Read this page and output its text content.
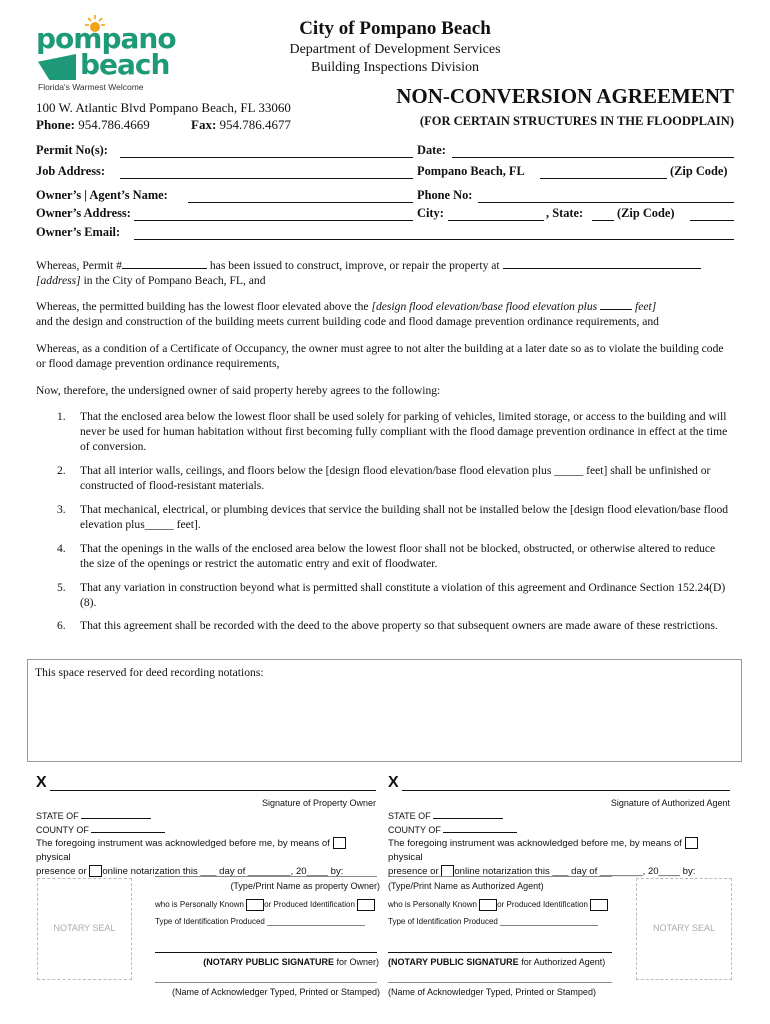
pompano
beach
Florida's Warmest Welcome
City of Pompano Beach
Department of Development Services
Building Inspections Division
100 W. Atlantic Blvd Pompano Beach, FL 33060
Phone: 954.786.4669	Fax: 954.786.4677
NON-CONVERSION AGREEMENT
(FOR CERTAIN STRUCTURES IN THE FLOODPLAIN)
Permit No(s):	Date:
Job Address:	Pompano Beach, FL	(Zip Code)
Owner’s | Agent’s Name:	Phone No:
Owner’s Address:	City:	, State:	(Zip Code)
Owner’s Email:
Whereas, Permit #	has been issued to construct, improve, or repair the property at
[address] in the City of Pompano Beach, FL, and
Whereas, the permitted building has the lowest floor elevated above the [design flood elevation/base flood elevation plus	feet]
and the design and construction of the building meets current building code and flood damage prevention ordinance requirements, and
Whereas, as a condition of a Certificate of Occupancy, the owner must agree to not alter the building at a later date so as to violate the building code or flood damage prevention ordinance requirements,
Now, therefore, the undersigned owner of said property hereby agrees to the following:
1. That the enclosed area below the lowest floor shall be used solely for parking of vehicles, limited storage, or access to the building and will never be used for human habitation without first becoming fully compliant with the flood damage prevention ordinance in effect at the time of conversion.
2. That all interior walls, ceilings, and floors below the [design flood elevation/base flood elevation plus _____ feet] shall be unfinished or constructed of flood-resistant materials.
3. That mechanical, electrical, or plumbing devices that service the building shall not be installed below the [design flood elevation/base flood elevation plus_____ feet].
4. That the openings in the walls of the enclosed area below the lowest floor shall not be blocked, obstructed, or otherwise altered to reduce the size of the openings or restrict the automatic entry and exit of floodwater.
5. That any variation in construction beyond what is permitted shall constitute a violation of this agreement and Ordinance Section 152.24(D)(8).
6. That this agreement shall be recorded with the deed to the above property so that subsequent owners are made aware of these restrictions.
This space reserved for deed recording notations:
X
Signature of Property Owner
X
Signature of Authorized Agent
STATE OF
COUNTY OF
The foregoing instrument was acknowledged before me, by means of  physical
presence or online notarization this ___ day of ________, 20____ by:
STATE OF
COUNTY OF
The foregoing instrument was acknowledged before me, by means of  physical
presence or online notarization this ___ day of ________, 20____ by:
(Type/Print Name as property Owner) (Type/Print Name as Authorized Agent)
NOTARY SEAL	NOTARY SEAL
who is Personally Known	or Produced Identification
Type of Identification Produced ______________________
who is Personally Known	or Produced Identification
Type of Identification Produced ______________________
(NOTARY PUBLIC SIGNATURE for Owner) (NOTARY PUBLIC SIGNATURE for Authorized Agent)
(Name of Acknowledger Typed, Printed or Stamped) (Name of Acknowledger Typed, Printed or Stamped)
